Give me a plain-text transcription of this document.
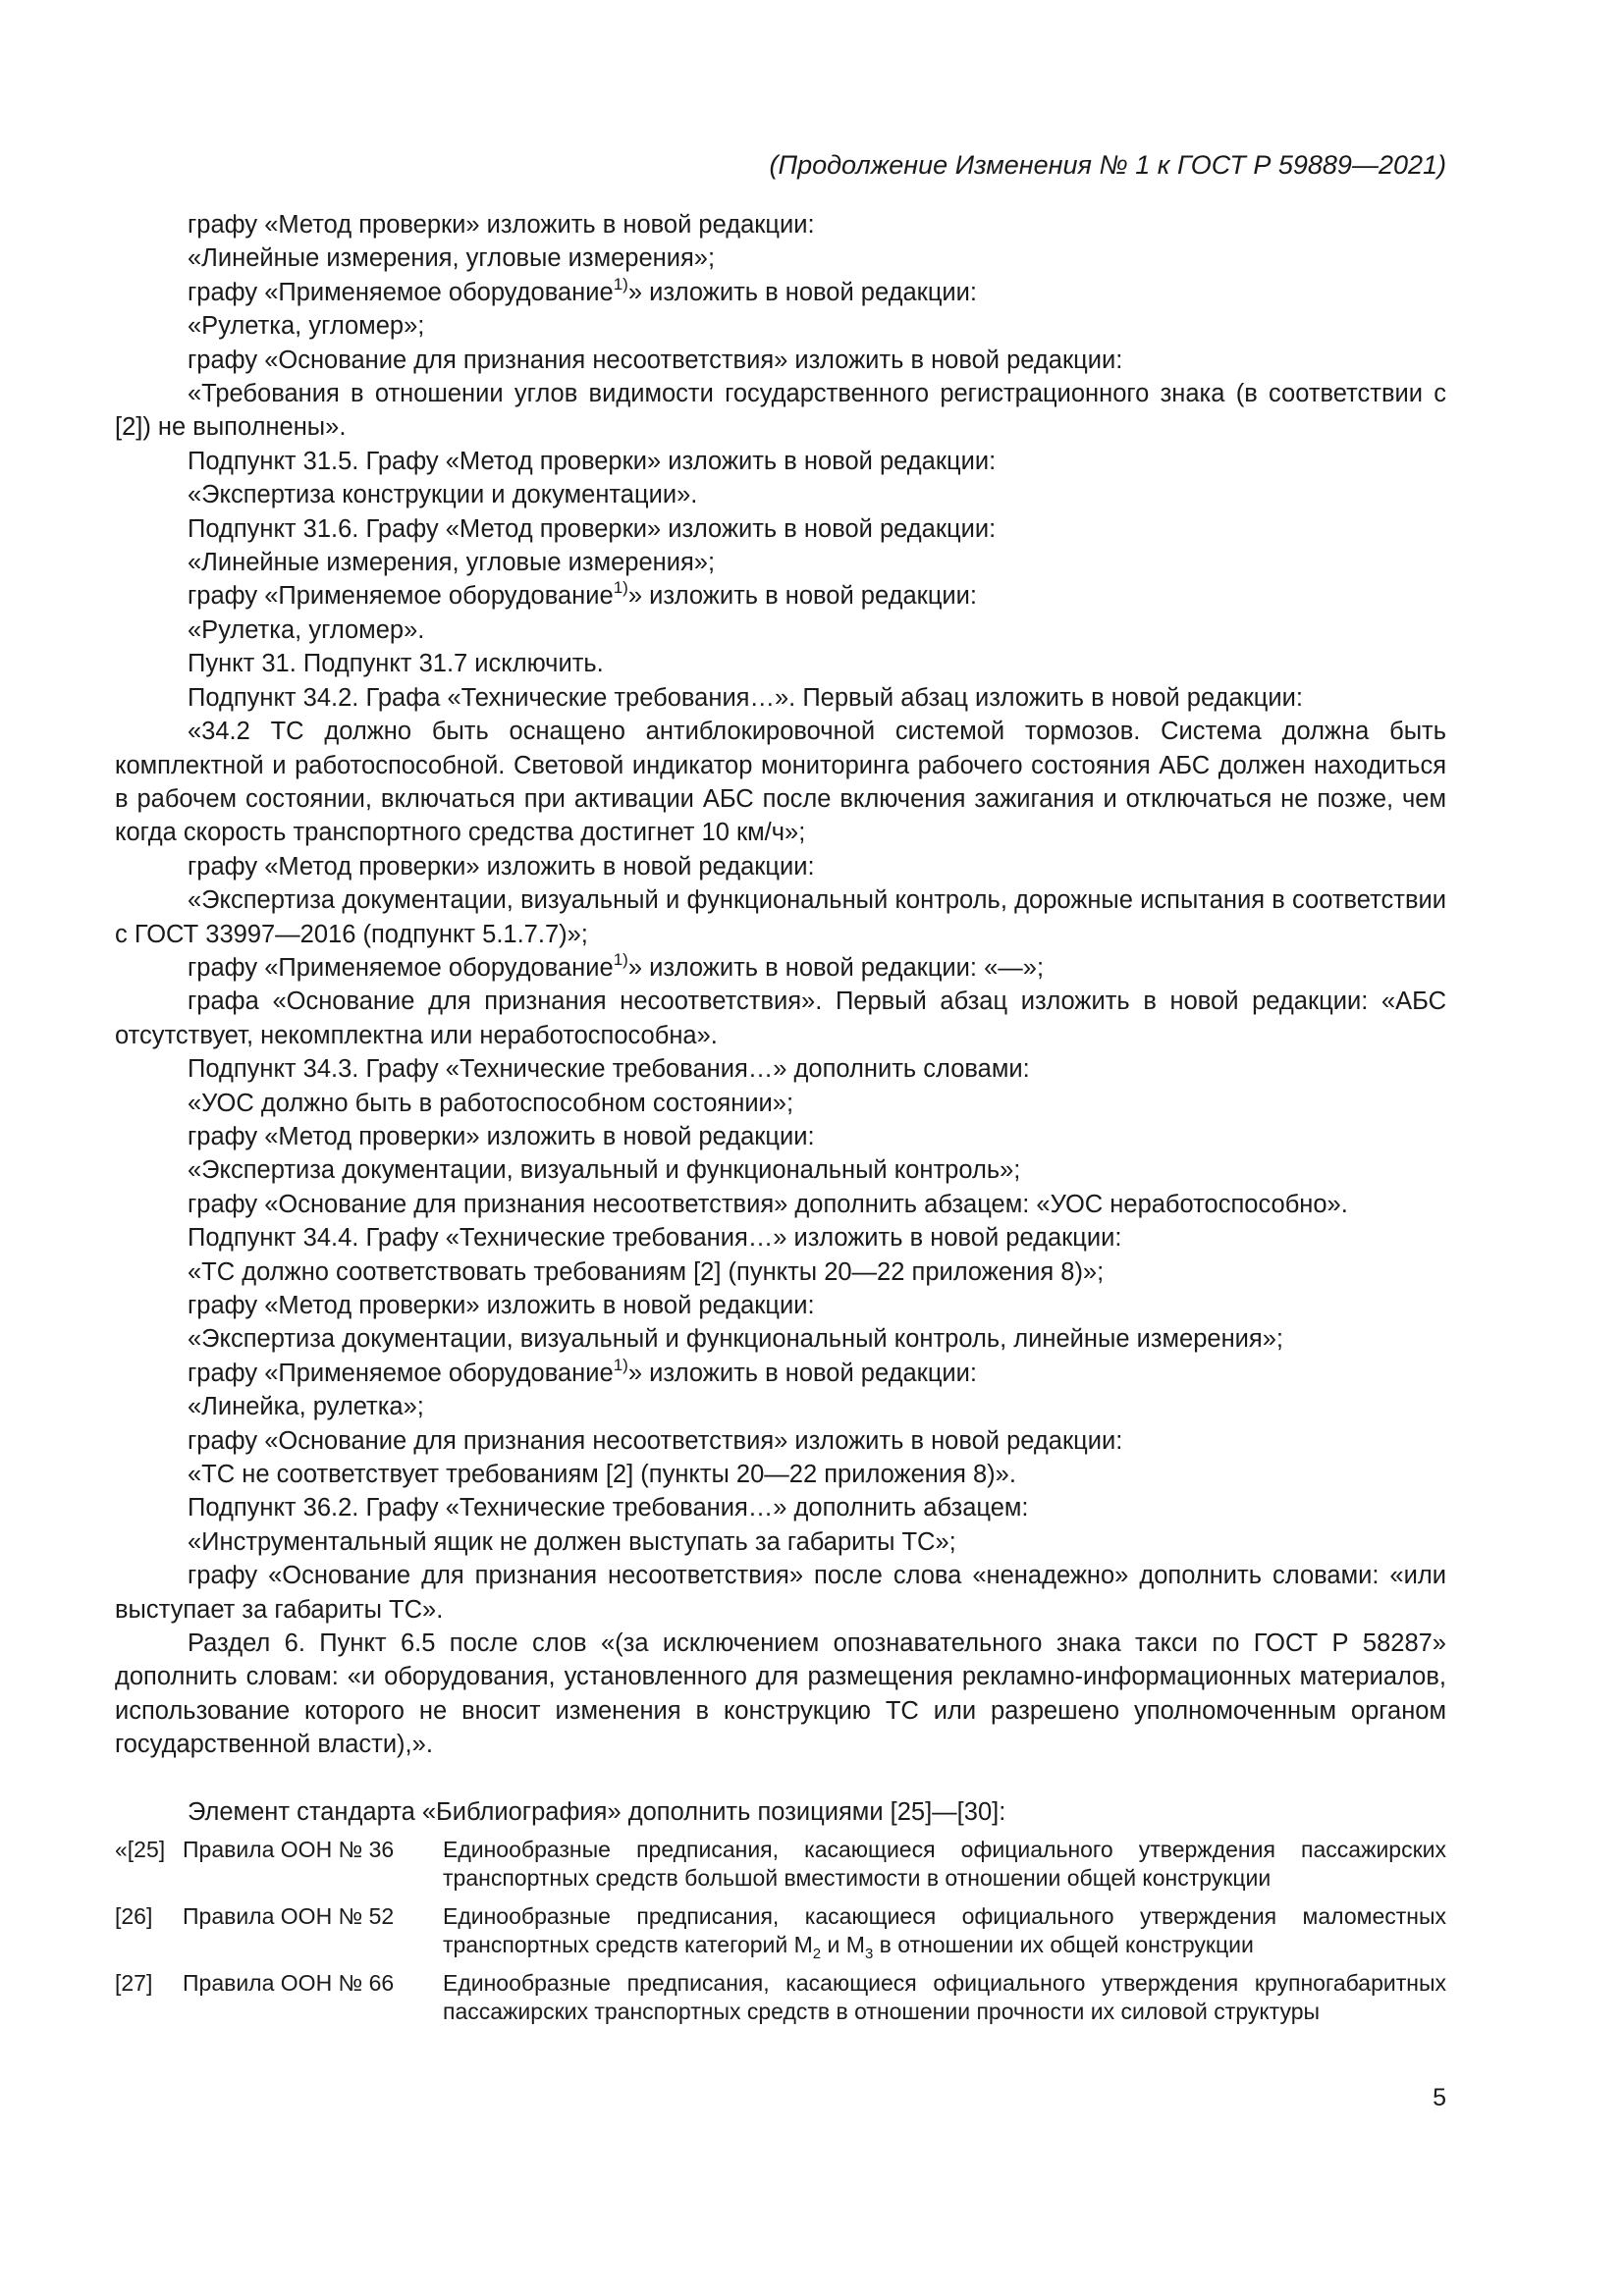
(Продолжение Изменения № 1 к ГОСТ Р 59889—2021)

графу «Метод проверки» изложить в новой редакции:

«Линейные измерения, угловые измерения»;

графу «Применяемое оборудование$^{1)}$» изложить в новой редакции:

«Рулетка, угломер»;

графу «Основание для признания несоответствия» изложить в новой редакции:

«Требования в отношении углов видимости государственного регистрационного знака (в соответствии с [2]) не выполнены».

Подпункт 31.5. Графу «Метод проверки» изложить в новой редакции:

«Экспертиза конструкции и документации».

Подпункт 31.6. Графу «Метод проверки» изложить в новой редакции:

«Линейные измерения, угловые измерения»;

графу «Применяемое оборудование$^{1)}$» изложить в новой редакции:

«Рулетка, угломер».

Пункт 31. Подпункт 31.7 исключить.

Подпункт 34.2. Графа «Технические требования…». Первый абзац изложить в новой редакции:

«34.2 ТС должно быть оснащено антиблокировочной системой тормозов. Система должна быть комплектной и работоспособной. Световой индикатор мониторинга рабочего состояния АБС должен находиться в рабочем состоянии, включаться при активации АБС после включения зажигания и отключаться не позже, чем когда скорость транспортного средства достигнет 10 км/ч»;

графу «Метод проверки» изложить в новой редакции:

«Экспертиза документации, визуальный и функциональный контроль, дорожные испытания в соответствии с ГОСТ 33997—2016 (подпункт 5.1.7.7)»;

графу «Применяемое оборудование$^{1)}$» изложить в новой редакции: «—»;

графа «Основание для признания несоответствия». Первый абзац изложить в новой редакции: «АБС отсутствует, некомплектна или неработоспособна».

Подпункт 34.3. Графу «Технические требования…» дополнить словами:

«УОС должно быть в работоспособном состоянии»;

графу «Метод проверки» изложить в новой редакции:

«Экспертиза документации, визуальный и функциональный контроль»;

графу «Основание для признания несоответствия» дополнить абзацем: «УОС неработоспособно».

Подпункт 34.4. Графу «Технические требования…» изложить в новой редакции:

«ТС должно соответствовать требованиям [2] (пункты 20—22 приложения 8)»;

графу «Метод проверки» изложить в новой редакции:

«Экспертиза документации, визуальный и функциональный контроль, линейные измерения»;

графу «Применяемое оборудование$^{1)}$» изложить в новой редакции:

«Линейка, рулетка»;

графу «Основание для признания несоответствия» изложить в новой редакции:

«ТС не соответствует требованиям [2] (пункты 20—22 приложения 8)».

Подпункт 36.2. Графу «Технические требования…» дополнить абзацем:

«Инструментальный ящик не должен выступать за габариты ТС»;

графу «Основание для признания несоответствия» после слова «ненадежно» дополнить словами: «или выступает за габариты ТС».

Раздел 6. Пункт 6.5 после слов «(за исключением опознавательного знака такси по ГОСТ Р 58287» дополнить словам: «и оборудования, установленного для размещения рекламно-информационных материалов, использование которого не вносит изменения в конструкцию ТС или разрешено уполномоченным органом государственной власти),».

Элемент стандарта «Библиография» дополнить позициями [25]—[30]:

«[25]	Правила ООН № 36	Единообразные предписания, касающиеся официального утверждения пассажирских транспортных средств большой вместимости в отношении общей конструкции
[26]	Правила ООН № 52	Единообразные предписания, касающиеся официального утверждения маломестных транспортных средств категорий $М_2$ и $М_3$ в отношении их общей конструкции
[27]	Правила ООН № 66	Единообразные предписания, касающиеся официального утверждения крупногабаритных пассажирских транспортных средств в отношении прочности их силовой структуры
5
